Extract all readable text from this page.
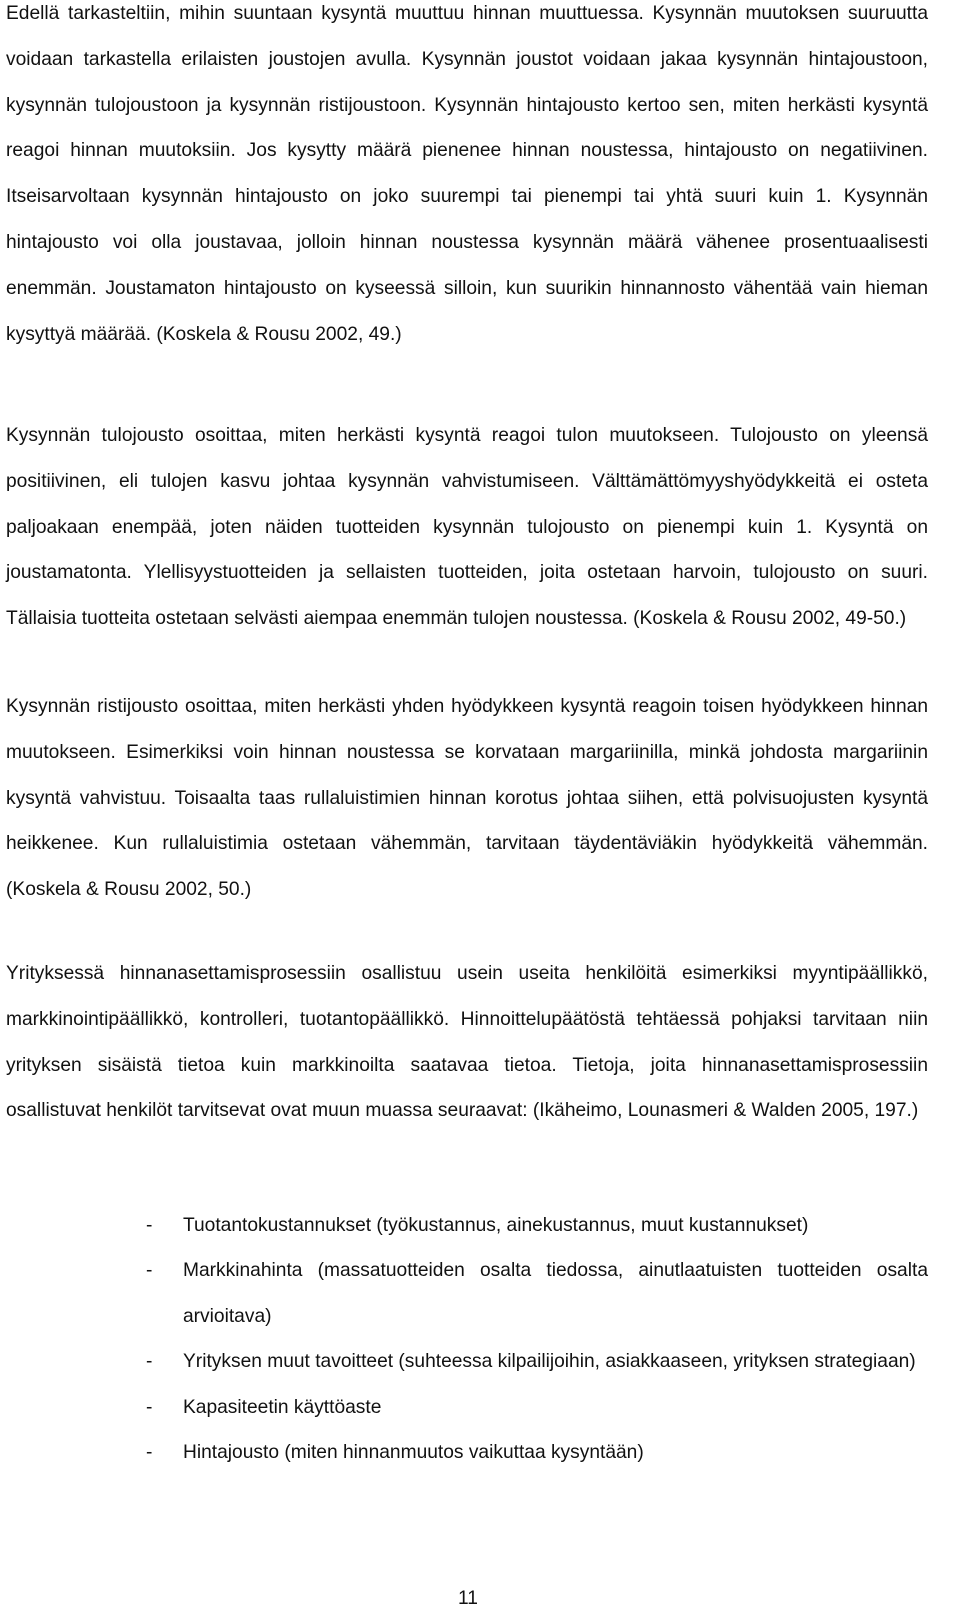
Edellä tarkasteltiin, mihin suuntaan kysyntä muuttuu hinnan muuttuessa. Kysynnän muutoksen suuruutta voidaan tarkastella erilaisten joustojen avulla. Kysynnän joustot voidaan jakaa kysynnän hintajoustoon, kysynnän tulojoustoon ja kysynnän ristijoustoon. Kysynnän hintajousto kertoo sen, miten herkästi kysyntä reagoi hinnan muutoksiin. Jos kysytty määrä pienenee hinnan noustessa, hintajousto on negatiivinen. Itseisarvoltaan kysynnän hintajousto on joko suurempi tai pienempi tai yhtä suuri kuin 1. Kysynnän hintajousto voi olla joustavaa, jolloin hinnan noustessa kysynnän määrä vähenee prosentuaalisesti enemmän. Joustamaton hintajousto on kyseessä silloin, kun suurikin hinnannosto vähentää vain hieman kysyttyä määrää. (Koskela & Rousu 2002, 49.)

Kysynnän tulojousto osoittaa, miten herkästi kysyntä reagoi tulon muutokseen. Tulojousto on yleensä positiivinen, eli tulojen kasvu johtaa kysynnän vahvistumiseen. Välttämättömyyshyödykkeitä ei osteta paljoakaan enempää, joten näiden tuotteiden kysynnän tulojousto on pienempi kuin 1. Kysyntä on joustamatonta. Ylellisyystuotteiden ja sellaisten tuotteiden, joita ostetaan harvoin, tulojousto on suuri. Tällaisia tuotteita ostetaan selvästi aiempaa enemmän tulojen noustessa. (Koskela & Rousu 2002, 49-50.)

Kysynnän ristijousto osoittaa, miten herkästi yhden hyödykkeen kysyntä reagoin toisen hyödykkeen hinnan muutokseen. Esimerkiksi voin hinnan noustessa se korvataan margariinilla, minkä johdosta margariinin kysyntä vahvistuu. Toisaalta taas rullaluistimien hinnan korotus johtaa siihen, että polvisuojusten kysyntä heikkenee. Kun rullaluistimia ostetaan vähemmän, tarvitaan täydentäviäkin hyödykkeitä vähemmän. (Koskela & Rousu 2002, 50.)

Yrityksessä hinnanasettamisprosessiin osallistuu usein useita henkilöitä esimerkiksi myyntipäällikkö, markkinointipäällikkö, kontrolleri, tuotantopäällikkö. Hinnoittelupäätöstä tehtäessä pohjaksi tarvitaan niin yrityksen sisäistä tietoa kuin markkinoilta saatavaa tietoa. Tietoja, joita hinnanasettamisprosessiin osallistuvat henkilöt tarvitsevat ovat muun muassa seuraavat: (Ikäheimo, Lounasmeri & Walden 2005, 197.)

- Tuotantokustannukset (työkustannus, ainekustannus, muut kustannukset)
- Markkinahinta (massatuotteiden osalta tiedossa, ainutlaatuisten tuotteiden osalta arvioitava)
- Yrityksen muut tavoitteet (suhteessa kilpailijoihin, asiakkaaseen, yrityksen strategiaan)
- Kapasiteetin käyttöaste
- Hintajousto (miten hinnanmuutos vaikuttaa kysyntään)
11
